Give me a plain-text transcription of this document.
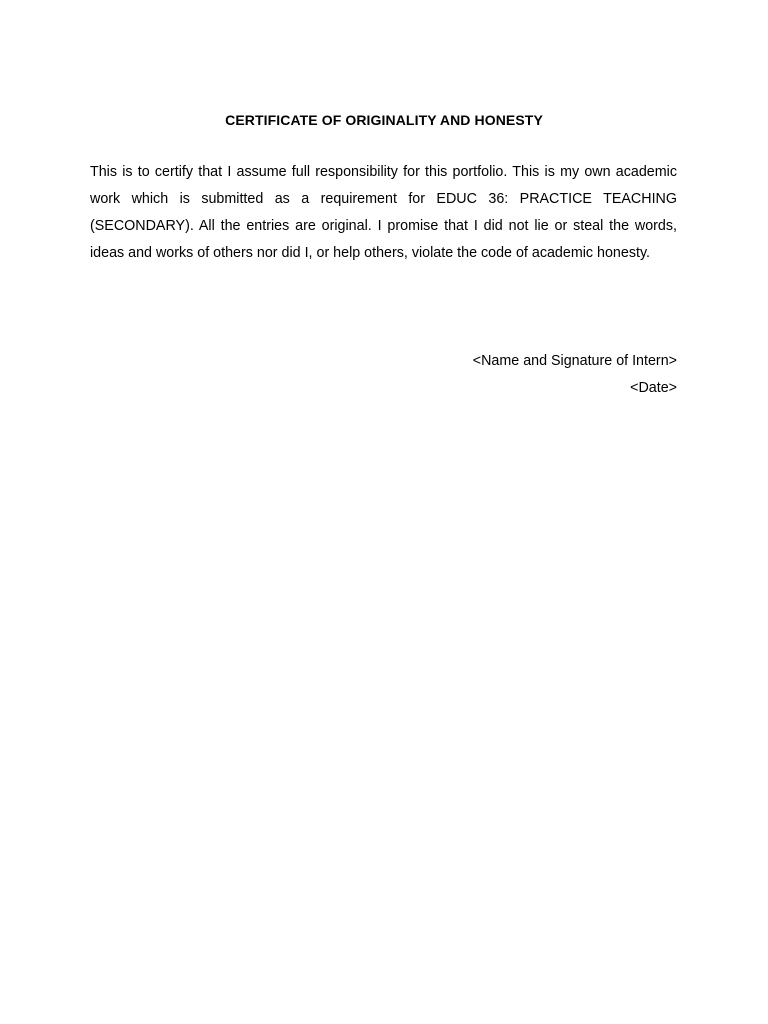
CERTIFICATE OF ORIGINALITY AND HONESTY

This is to certify that I assume full responsibility for this portfolio. This is my own academic work which is submitted as a requirement for EDUC 36: PRACTICE TEACHING (SECONDARY). All the entries are original. I promise that I did not lie or steal the words, ideas and works of others nor did I, or help others, violate the code of academic honesty.

<Name and Signature of Intern>
<Date>
